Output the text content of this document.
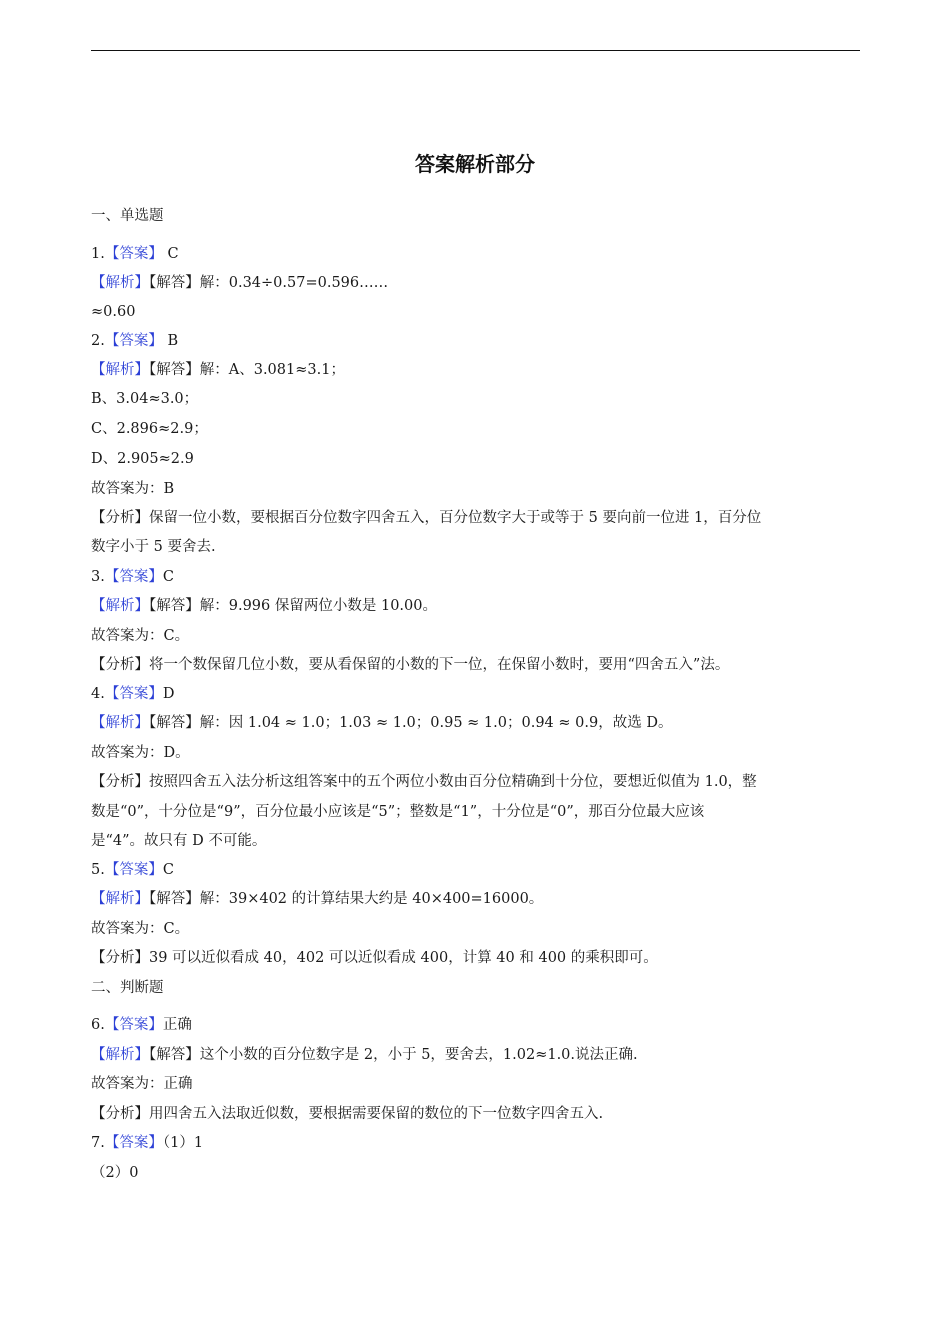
答案解析部分
一、单选题
1.【答案】 C
【解析】【解答】解：0.34÷0.57=0.596……
≈0.60
2.【答案】 B
【解析】【解答】解：A、3.081≈3.1；
B、3.04≈3.0；
C、2.896≈2.9；
D、2.905≈2.9
故答案为：B
【分析】保留一位小数，要根据百分位数字四舍五入，百分位数字大于或等于 5 要向前一位进 1，百分位
数字小于 5 要舍去.
3.【答案】C
【解析】【解答】解：9.996 保留两位小数是 10.00。
故答案为：C。
【分析】将一个数保留几位小数，要从看保留的小数的下一位，在保留小数时，要用“四舍五入”法。
4.【答案】D
【解析】【解答】解：因 1.04 ≈ 1.0；1.03 ≈ 1.0；0.95 ≈ 1.0；0.94 ≈ 0.9，故选 D。
故答案为：D。
【分析】按照四舍五入法分析这组答案中的五个两位小数由百分位精确到十分位，要想近似值为 1.0，整
数是“0”，十分位是“9”，百分位最小应该是“5”；整数是“1”，十分位是“0”，那百分位最大应该
是“4”。故只有 D 不可能。
5.【答案】C
【解析】【解答】解：39×402 的计算结果大约是 40×400=16000。
故答案为：C。
【分析】39 可以近似看成 40，402 可以近似看成 400，计算 40 和 400 的乘积即可。
二、判断题
6.【答案】正确
【解析】【解答】这个小数的百分位数字是 2，小于 5，要舍去，1.02≈1.0.说法正确.
故答案为：正确
【分析】用四舍五入法取近似数，要根据需要保留的数位的下一位数字四舍五入.
7.【答案】（1）1
（2）0
